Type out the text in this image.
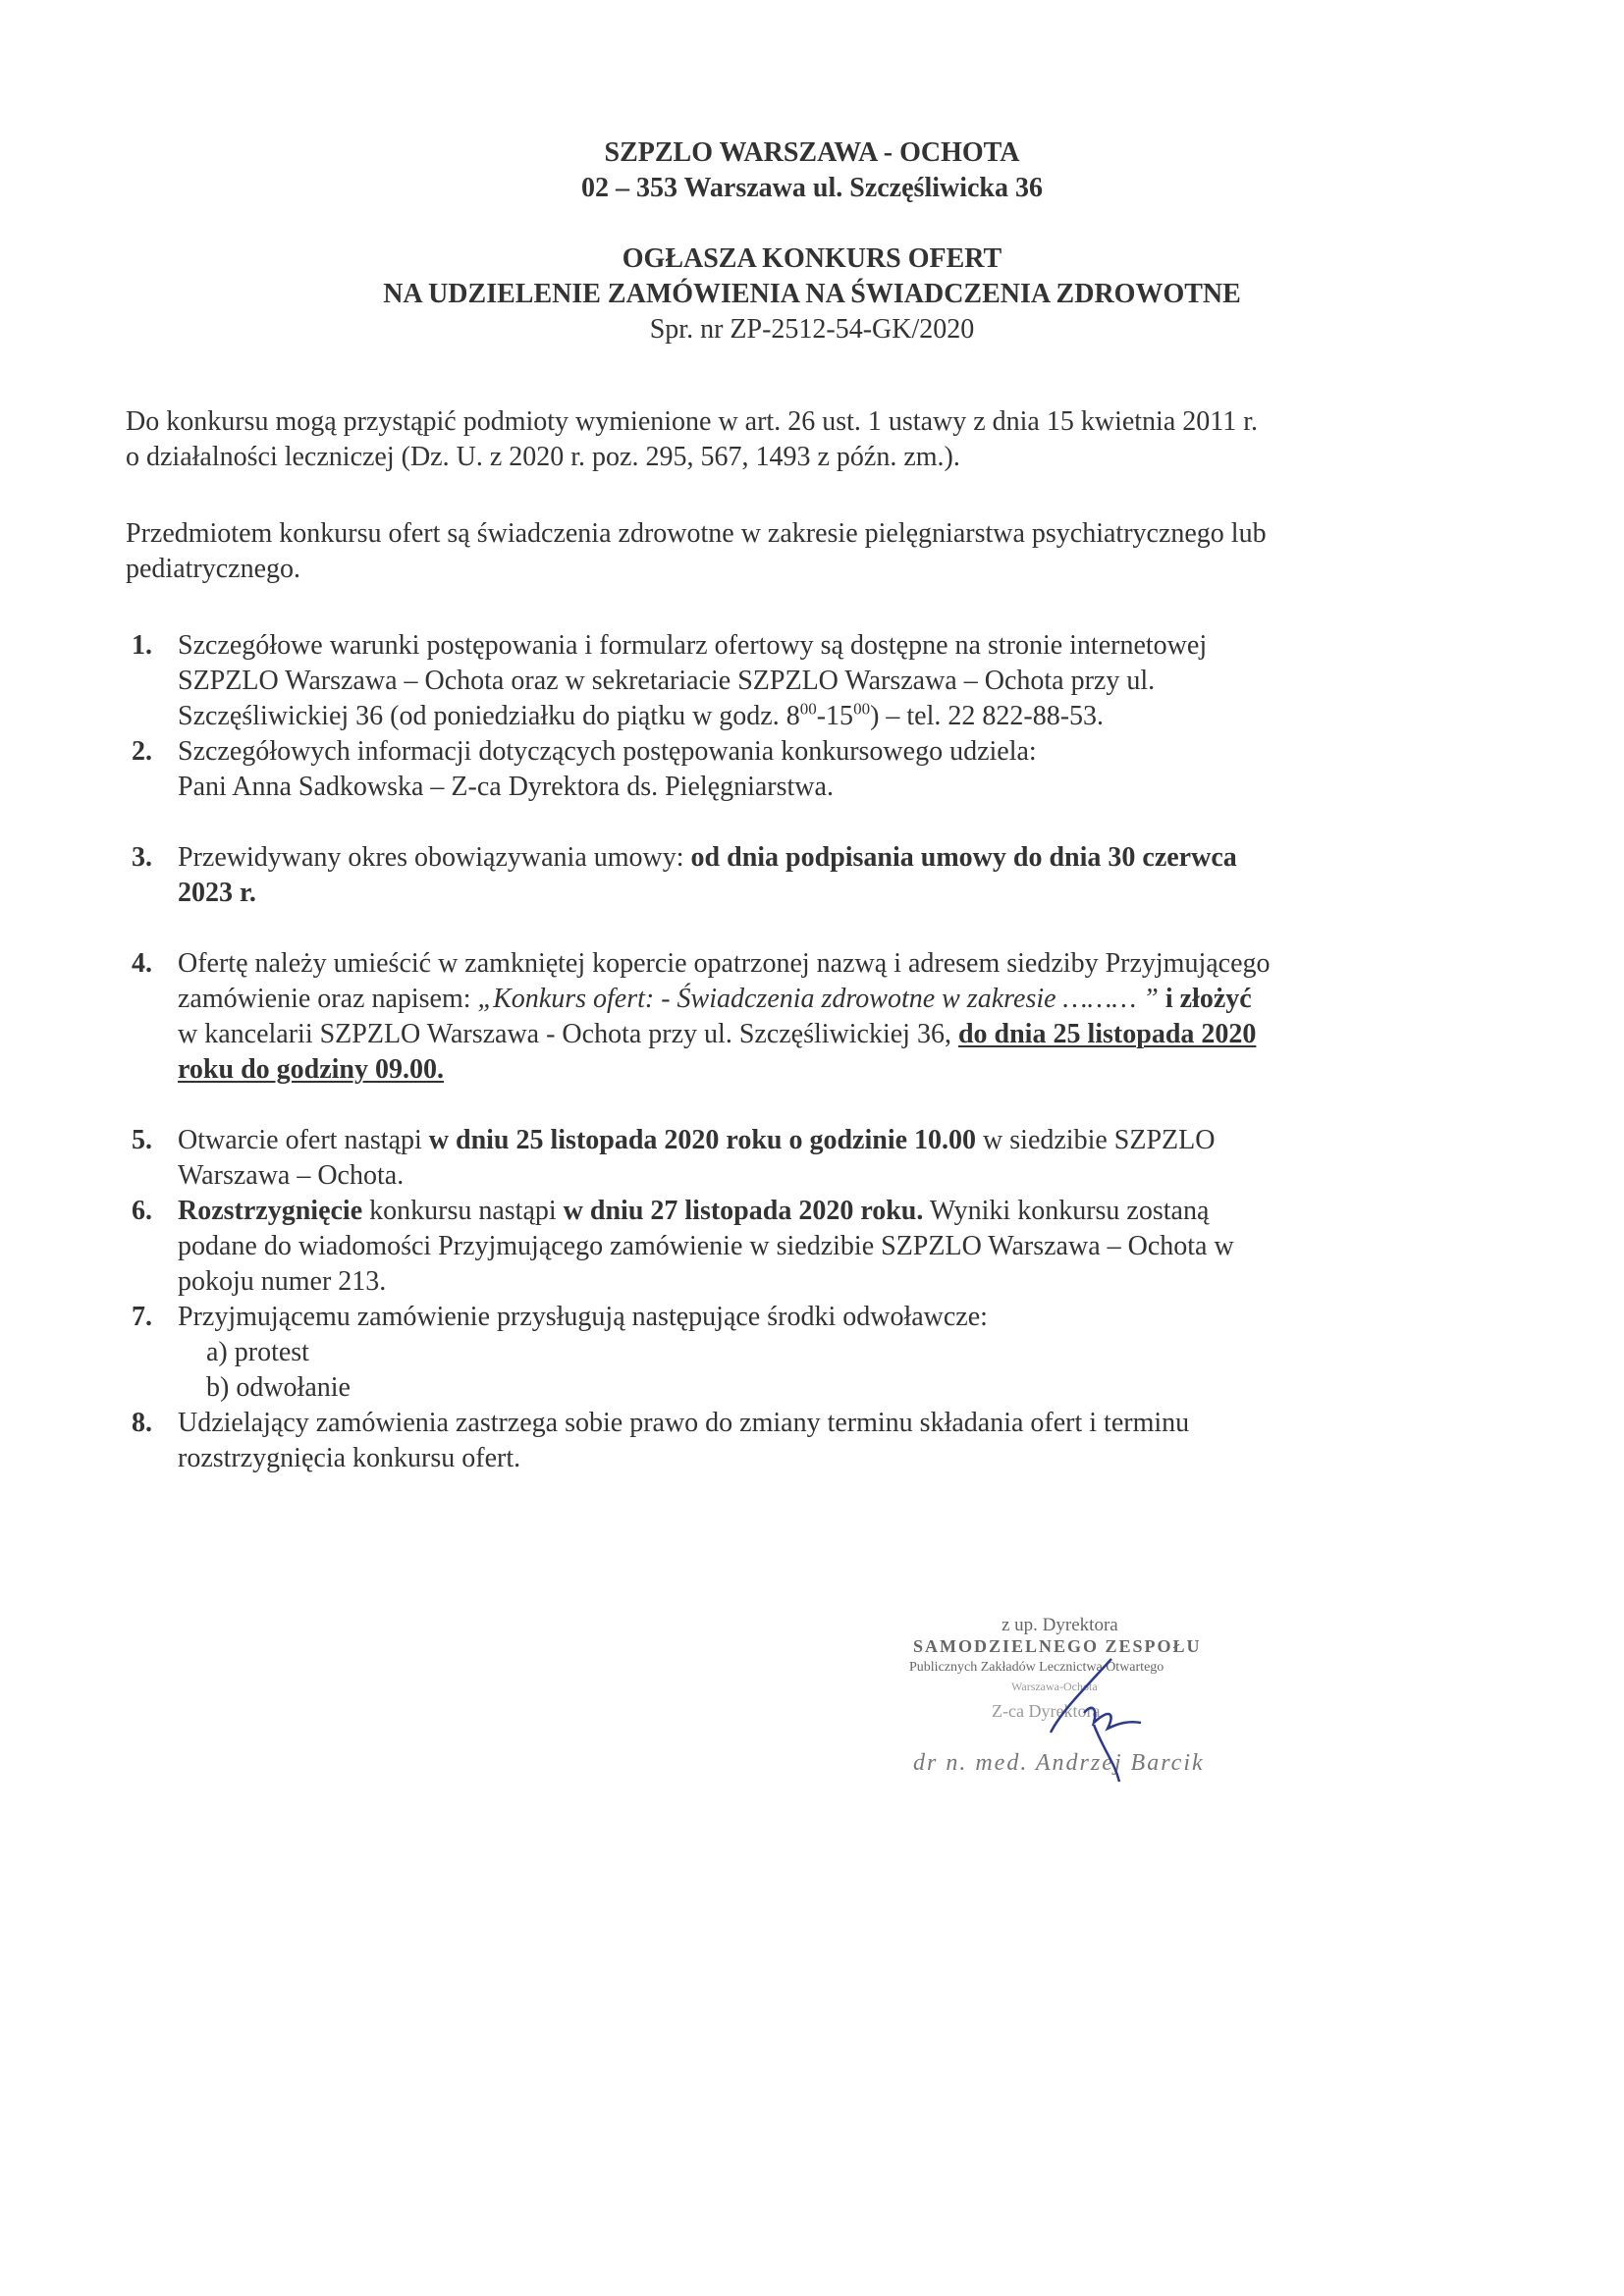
SZPZLO WARSZAWA - OCHOTA
02 – 353 Warszawa ul. Szczęśliwicka 36
OGŁASZA KONKURS OFERT
NA UDZIELENIE ZAMÓWIENIA NA ŚWIADCZENIA ZDROWOTNE
Spr. nr ZP-2512-54-GK/2020
Do konkursu mogą przystąpić podmioty wymienione w art. 26 ust. 1 ustawy z dnia 15 kwietnia 2011 r.
o działalności leczniczej (Dz. U. z 2020 r. poz. 295, 567, 1493 z późn. zm.).
Przedmiotem konkursu ofert są świadczenia zdrowotne w zakresie pielęgniarstwa psychiatrycznego lub
pediatrycznego.
1. Szczegółowe warunki postępowania i formularz ofertowy są dostępne na stronie internetowej
SZPZLO Warszawa – Ochota oraz w sekretariacie SZPZLO Warszawa – Ochota przy ul.
Szczęśliwickiej 36 (od poniedziałku do piątku w godz. $8^{00}-15^{00}$) – tel. 22 822-88-53.
2. Szczegółowych informacji dotyczących postępowania konkursowego udziela:
Pani Anna Sadkowska – Z-ca Dyrektora ds. Pielęgniarstwa.
3. Przewidywany okres obowiązywania umowy: od dnia podpisania umowy do dnia 30 czerwca
2023 r.
4. Ofertę należy umieścić w zamkniętej kopercie opatrzonej nazwą i adresem siedziby Przyjmującego
zamówienie oraz napisem: „Konkurs ofert: - Świadczenia zdrowotne w zakresie ……… ” i złożyć
w kancelarii SZPZLO Warszawa - Ochota przy ul. Szczęśliwickiej 36, do dnia 25 listopada 2020
roku do godziny 09.00.
5. Otwarcie ofert nastąpi w dniu 25 listopada 2020 roku o godzinie 10.00 w siedzibie SZPZLO
Warszawa – Ochota.
6. Rozstrzygnięcie konkursu nastąpi w dniu 27 listopada 2020 roku. Wyniki konkursu zostaną
podane do wiadomości Przyjmującego zamówienie w siedzibie SZPZLO Warszawa – Ochota w
pokoju numer 213.
7. Przyjmującemu zamówienie przysługują następujące środki odwoławcze:
a) protest
b) odwołanie
8. Udzielający zamówienia zastrzega sobie prawo do zmiany terminu składania ofert i terminu
rozstrzygnięcia konkursu ofert.
z up. Dyrektora
SAMODZIELNEGO ZESPOŁU
Publicznych Zakładów Lecznictwa Otwartego
Warszawa-Ochota
Z-ca Dyrektora
dr n. med. Andrzej Barcik
